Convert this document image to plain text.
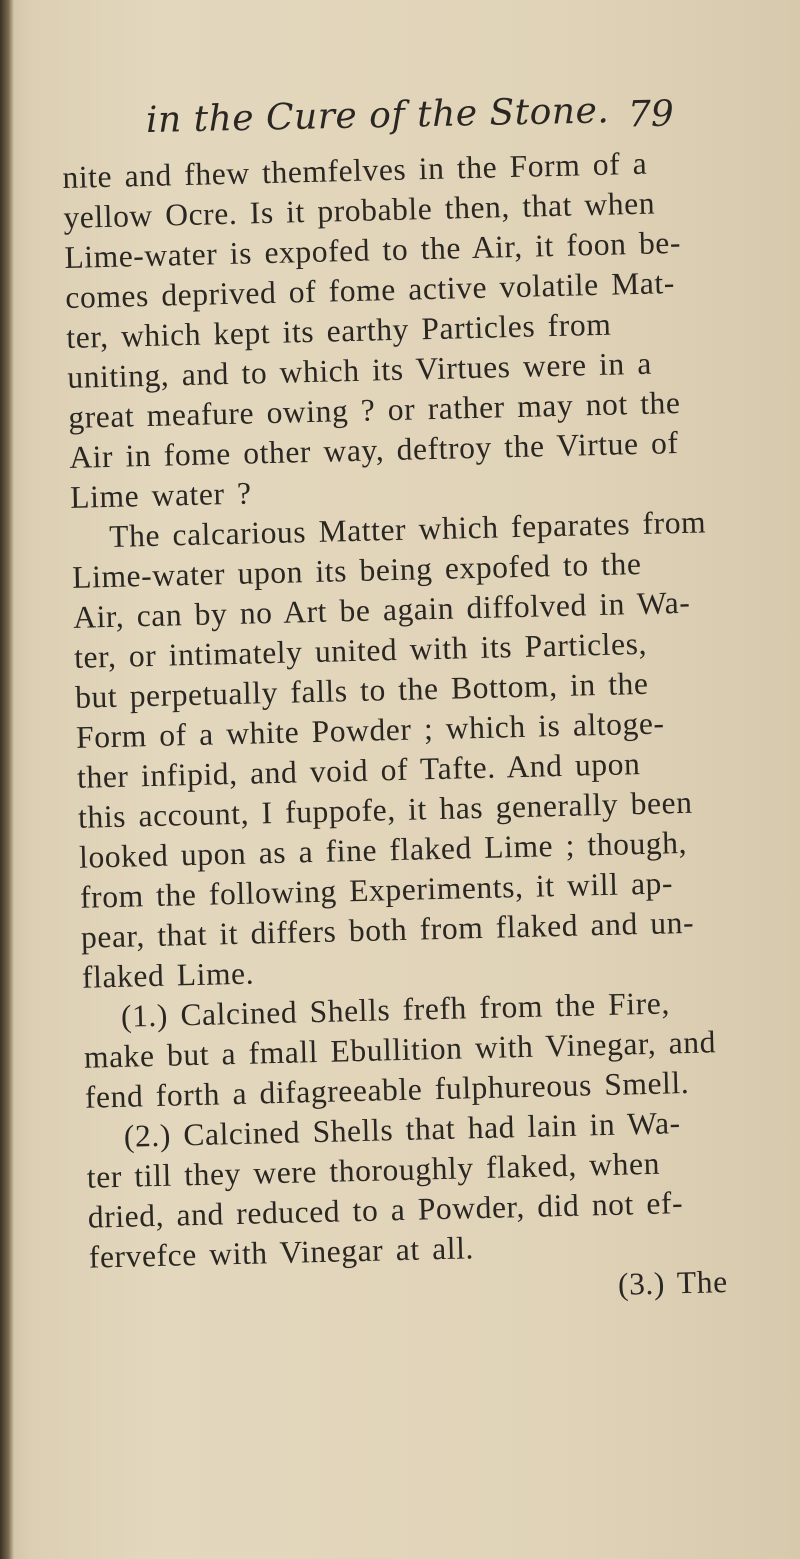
in the Cure of the Stone. 79
nite and fhew themfelves in the Form of a
yellow Ocre. Is it probable then, that when
Lime-water is expofed to the Air, it foon be-
comes deprived of fome active volatile Mat-
ter, which kept its earthy Particles from
uniting, and to which its Virtues were in a
great meafure owing ? or rather may not the
Air in fome other way, deftroy the Virtue of
Lime water ?
The calcarious Matter which feparates from
Lime-water upon its being expofed to the
Air, can by no Art be again diffolved in Wa-
ter, or intimately united with its Particles,
but perpetually falls to the Bottom, in the
Form of a white Powder ; which is altoge-
ther infipid, and void of Tafte. And upon
this account, I fuppofe, it has generally been
looked upon as a fine flaked Lime ; though,
from the following Experiments, it will ap-
pear, that it differs both from flaked and un-
flaked Lime.
(1.) Calcined Shells frefh from the Fire,
make but a fmall Ebullition with Vinegar, and
fend forth a difagreeable fulphureous Smell.
(2.) Calcined Shells that had lain in Wa-
ter till they were thoroughly flaked, when
dried, and reduced to a Powder, did not ef-
fervefce with Vinegar at all.
(3.) The
